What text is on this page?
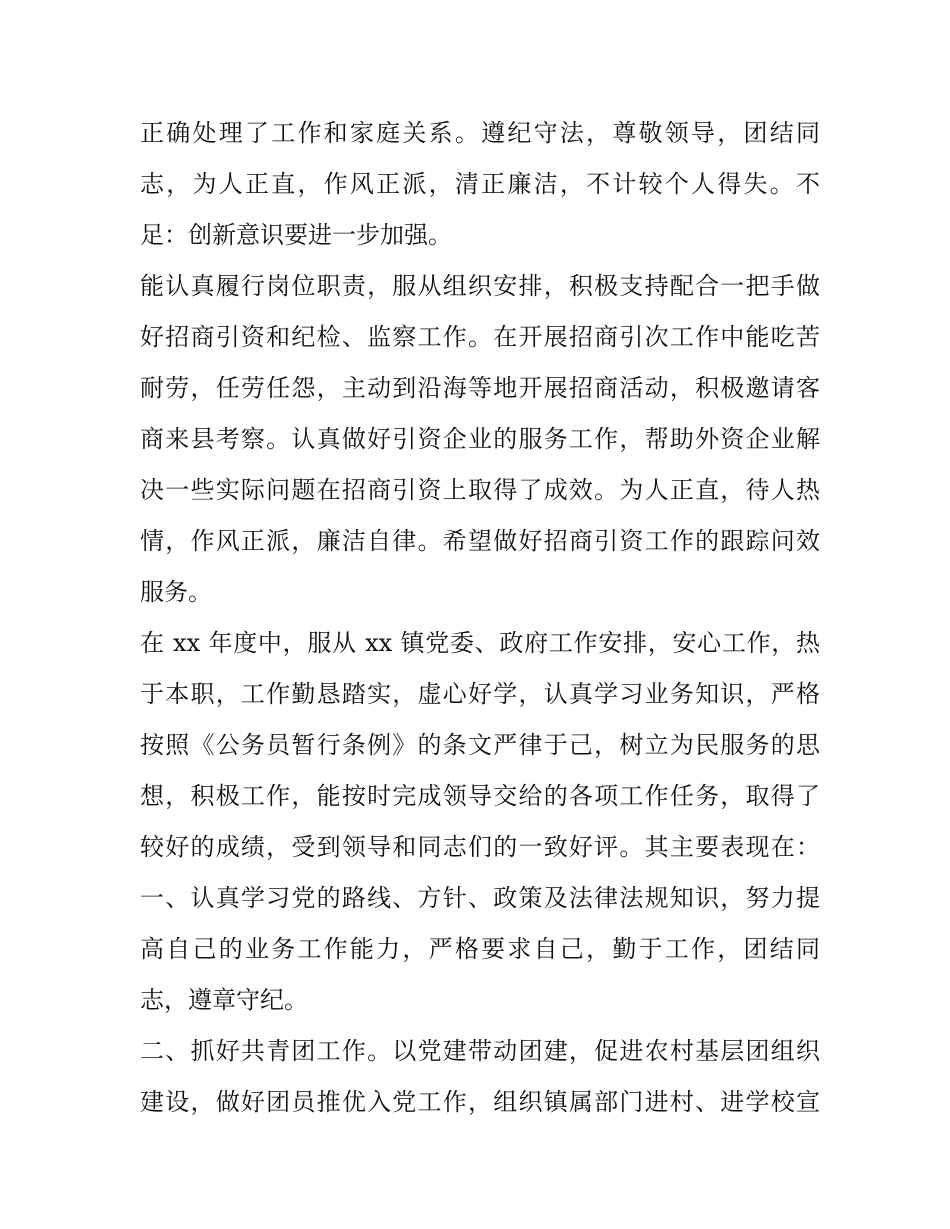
正确处理了工作和家庭关系。遵纪守法，尊敬领导，团结同
志，为人正直，作风正派，清正廉洁，不计较个人得失。不
足：创新意识要进一步加强。
能认真履行岗位职责，服从组织安排，积极支持配合一把手做
好招商引资和纪检、监察工作。在开展招商引次工作中能吃苦
耐劳，任劳任怨，主动到沿海等地开展招商活动，积极邀请客
商来县考察。认真做好引资企业的服务工作，帮助外资企业解
决一些实际问题在招商引资上取得了成效。为人正直，待人热
情，作风正派，廉洁自律。希望做好招商引资工作的跟踪问效
服务。
在 xx 年度中，服从 xx 镇党委、政府工作安排，安心工作，热
于本职，工作勤恳踏实，虚心好学，认真学习业务知识，严格
按照《公务员暂行条例》的条文严律于己，树立为民服务的思
想，积极工作，能按时完成领导交给的各项工作任务，取得了
较好的成绩，受到领导和同志们的一致好评。其主要表现在：
一、认真学习党的路线、方针、政策及法律法规知识，努力提
高自己的业务工作能力，严格要求自己，勤于工作，团结同
志，遵章守纪。
二、抓好共青团工作。以党建带动团建，促进农村基层团组织
建设，做好团员推优入党工作，组织镇属部门进村、进学校宣
